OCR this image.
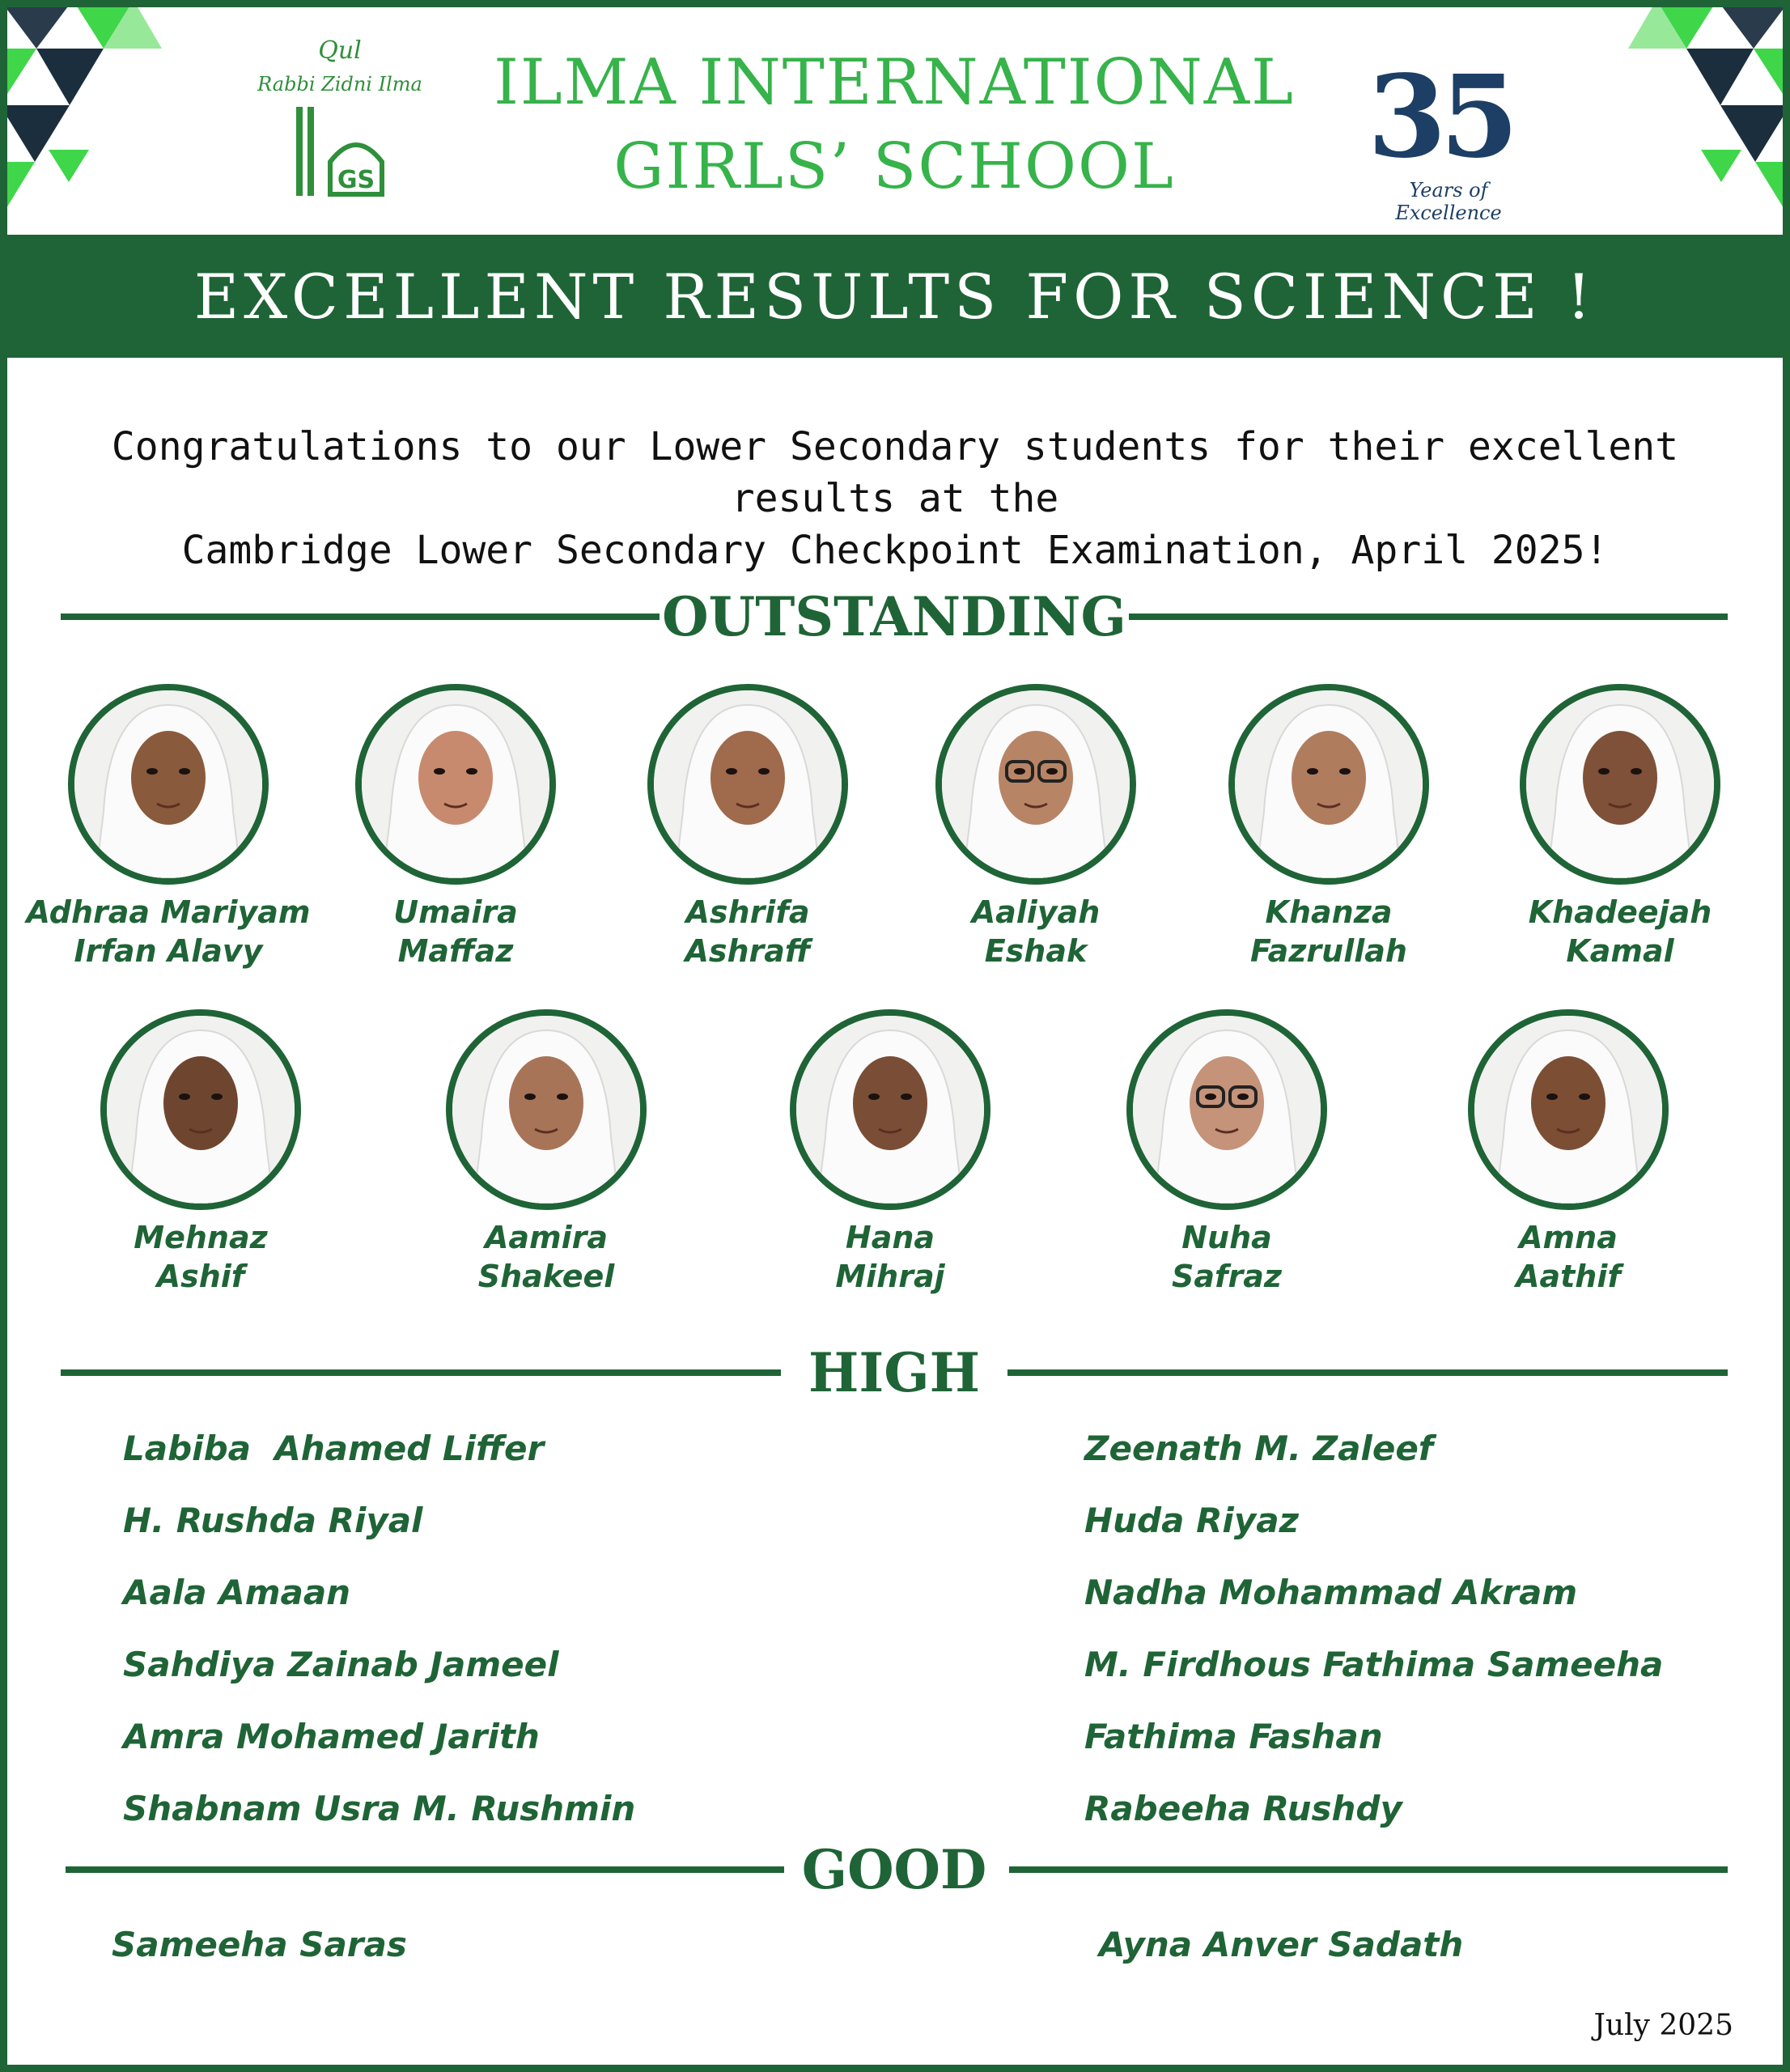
Qul
Rabbi Zidni Ilma
GS
ILMA INTERNATIONAL
GIRLS’ SCHOOL	35
Years of Excellence
EXCELLENT RESULTS FOR SCIENCE !
Congratulations to our Lower Secondary students for their excellent results at the
Cambridge Lower Secondary Checkpoint Examination, April 2025!
OUTSTANDING
Adhraa Mariyam
Irfan Alavy
Umaira
Maffaz
Ashrifa
Ashraff
Aaliyah
Eshak
Khanza
Fazrullah
Khadeejah
Kamal
Mehnaz
Ashif
Aamira
Shakeel
Hana
Mihraj
Nuha
Safraz
Amna
Aathif
HIGH
Labiba  Ahamed Liffer
H. Rushda Riyal
Aala Amaan
Sahdiya Zainab Jameel
Amra Mohamed Jarith
Shabnam Usra M. Rushmin
Zeenath M. Zaleef
Huda Riyaz
Nadha Mohammad Akram
M. Firdhous Fathima Sameeha
Fathima Fashan
Rabeeha Rushdy
GOOD
Sameeha Saras	Ayna Anver Sadath
July 2025
